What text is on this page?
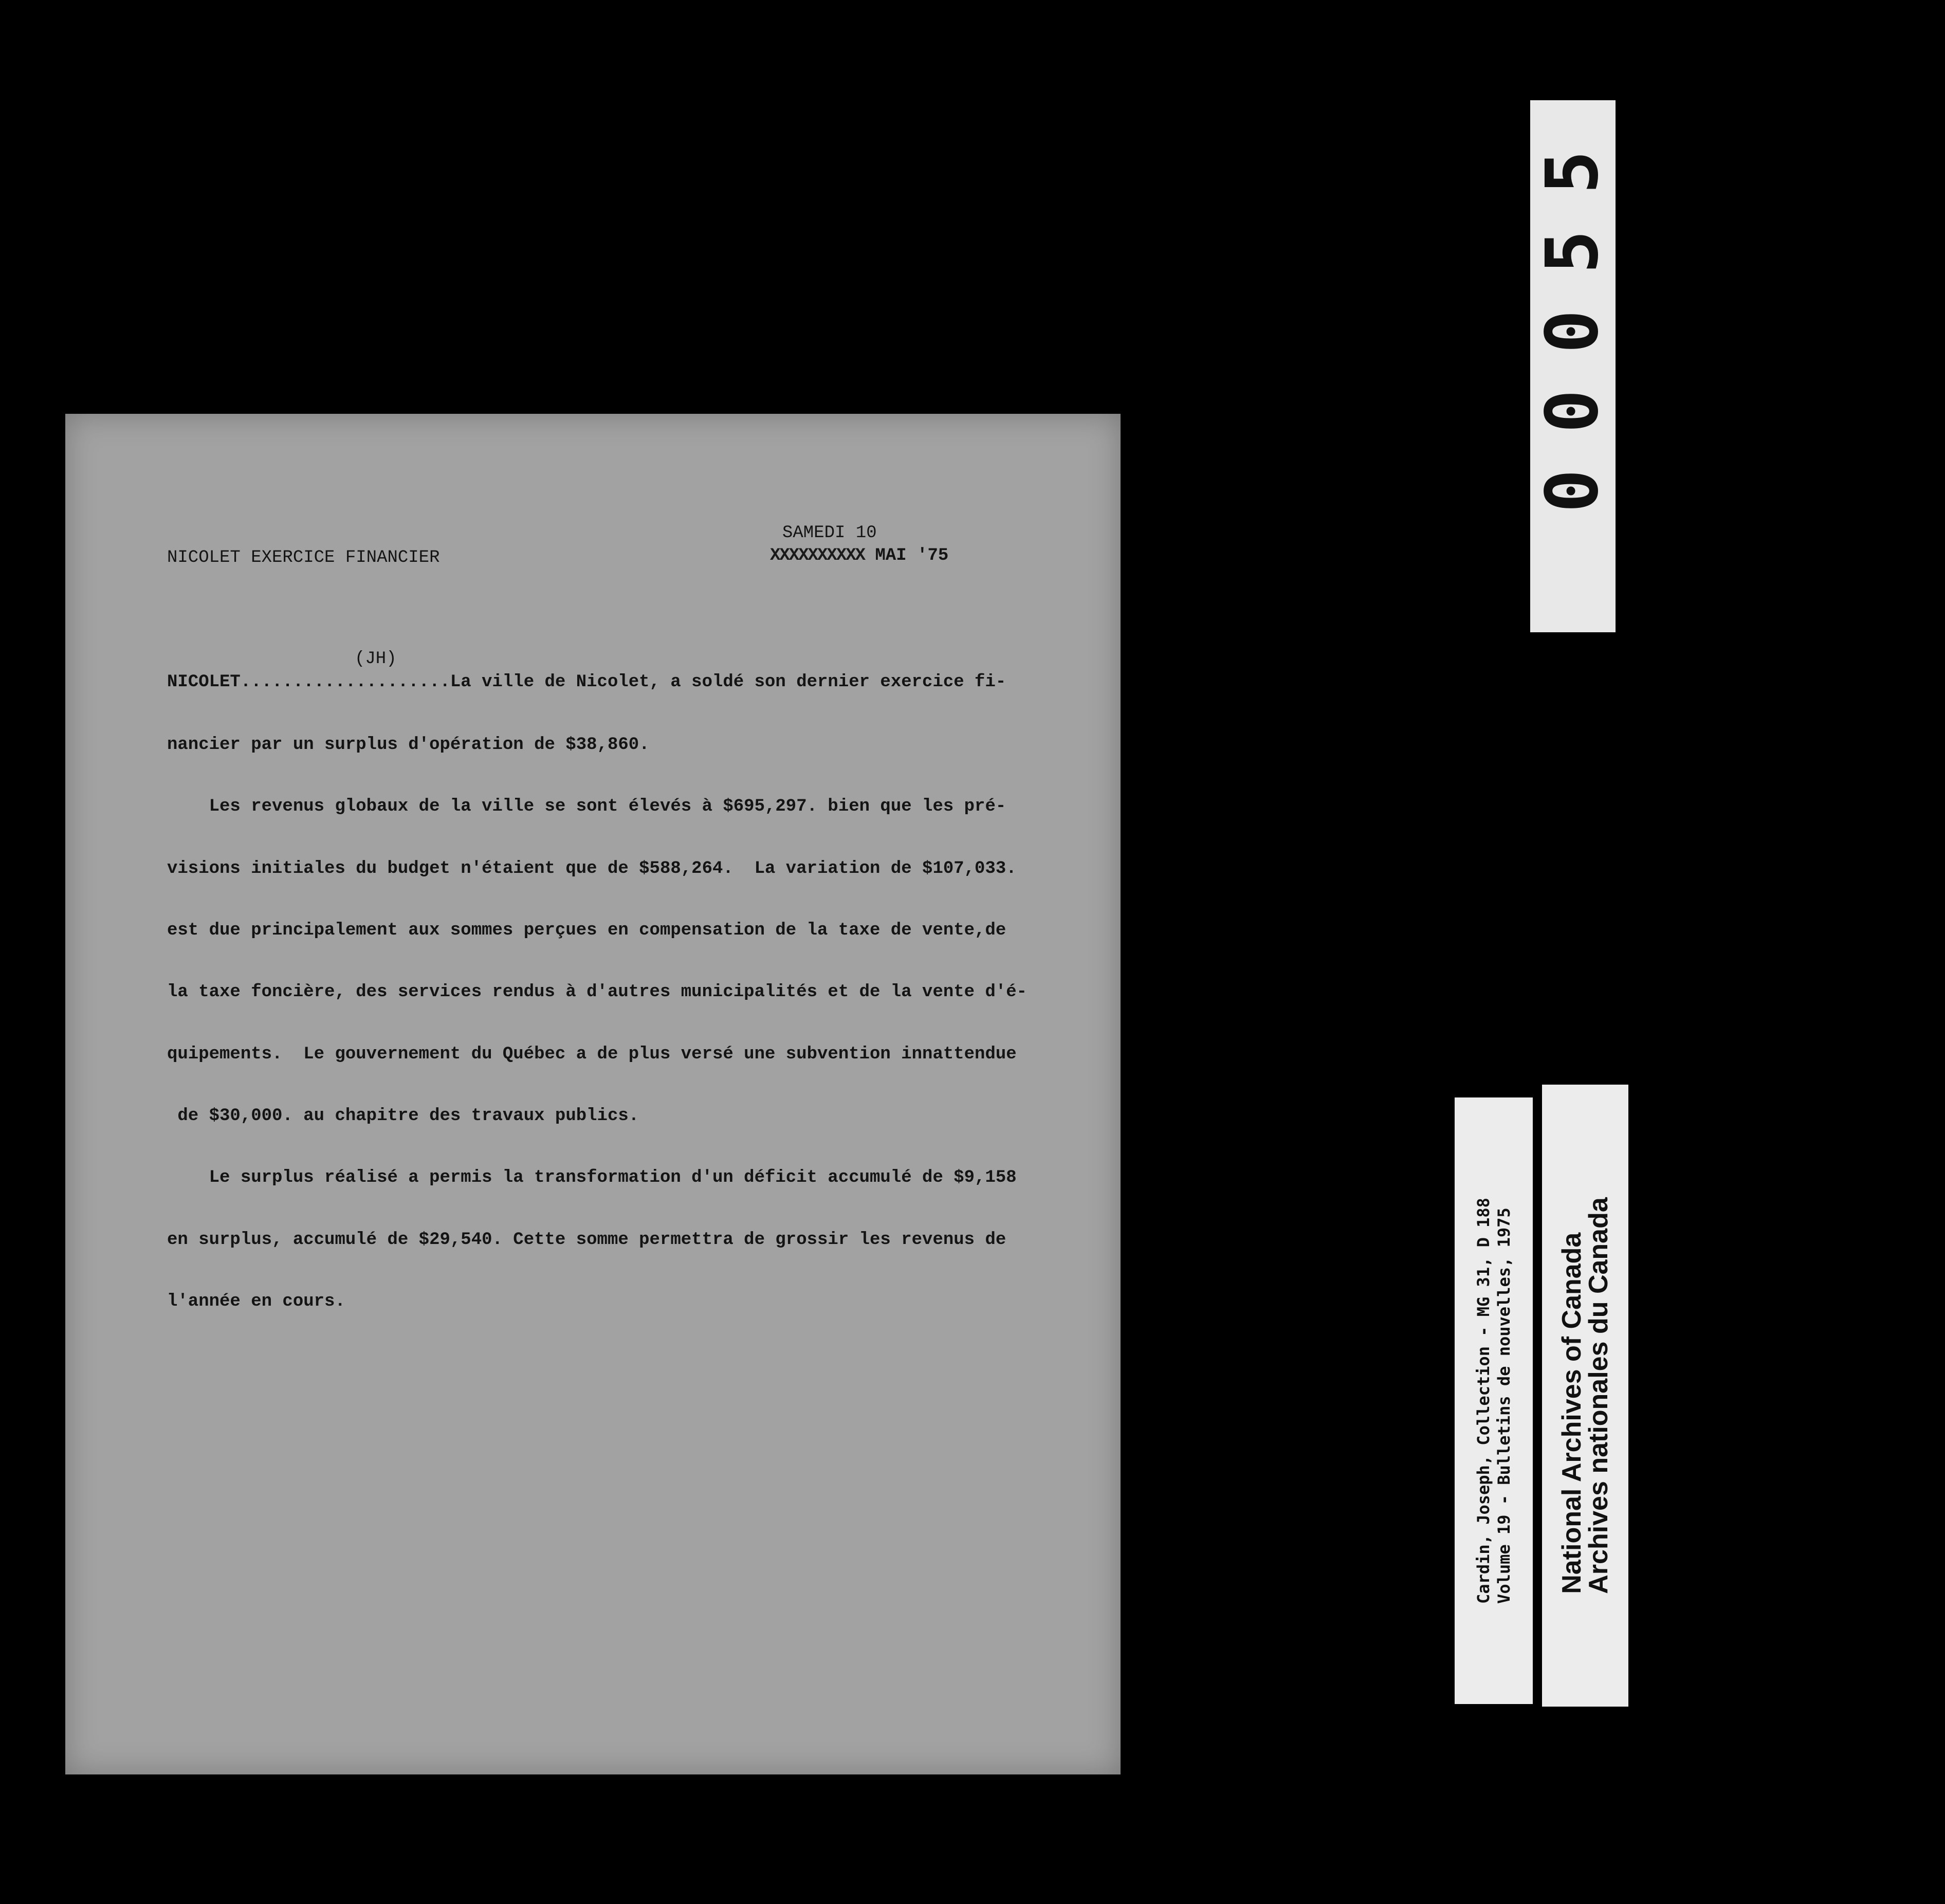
NICOLET EXERCICE FINANCIER
SAMEDI 10
XXXXXXXXXX MAI '75
(JH)
NICOLET....................La ville de Nicolet, a soldé son dernier exercice fi-
nancier par un surplus d'opération de $38,860.
Les revenus globaux de la ville se sont élevés à $695,297. bien que les pré-
visions initiales du budget n'étaient que de $588,264.  La variation de $107,033.
est due principalement aux sommes perçues en compensation de la taxe de vente,de
la taxe foncière, des services rendus à d'autres municipalités et de la vente d'é-
quipements.  Le gouvernement du Québec a de plus versé une subvention innattendue
de $30,000. au chapitre des travaux publics.
Le surplus réalisé a permis la transformation d'un déficit accumulé de $9,158
en surplus, accumulé de $29,540. Cette somme permettra de grossir les revenus de
l'année en cours.
5
5
0
0
0
Cardin, Joseph, Collection - MG 31, D 188 Volume 19 - Bulletins de nouvelles, 1975 National Archives of Canada
Archives nationales du Canada
